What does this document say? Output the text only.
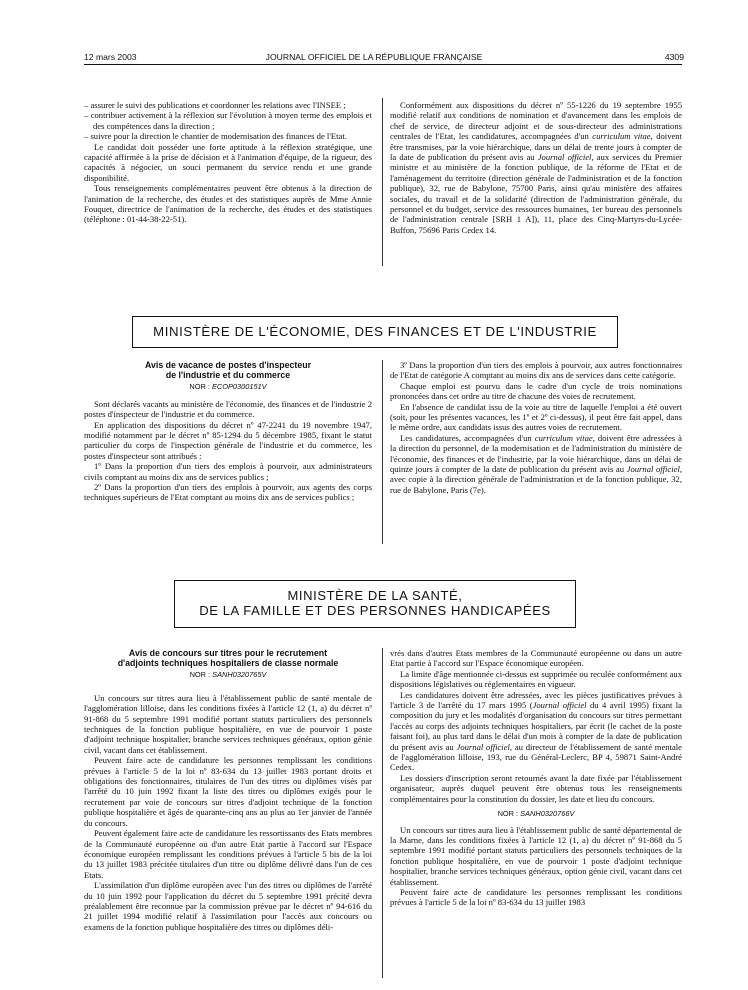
12 mars 2003	JOURNAL OFFICIEL DE LA RÉPUBLIQUE FRANÇAISE	4309

– assurer le suivi des publications et coordonner les relations avec l'INSEE ;

– contribuer activement à la réflexion sur l'évolution à moyen terme des emplois et des compétences dans la direction ;

– suivre pour la direction le chantier de modernisation des finances de l'Etat.

Le candidat doit posséder une forte aptitude à la réflexion stratégique, une capacité affirmée à la prise de décision et à l'animation d'équipe, de la rigueur, des capacités à négocier, un souci permanent du service rendu et une grande disponibilité.

Tous renseignements complémentaires peuvent être obtenus à la direction de l'animation de la recherche, des études et des statistiques auprès de Mme Annie Fouquet, directrice de l'animation de la recherche, des études et des statistiques (téléphone : 01-44-38-22-51).

Conformément aux dispositions du décret nº 55-1226 du 19 septembre 1955 modifié relatif aux conditions de nomination et d'avancement dans les emplois de chef de service, de directeur adjoint et de sous-directeur des administrations centrales de l'Etat, les candidatures, accompagnées d'un curriculum vitae, doivent être transmises, par la voie hiérarchique, dans un délai de trente jours à compter de la date de publication du présent avis au Journal officiel, aux services du Premier ministre et au ministère de la fonction publique, de la réforme de l'Etat et de l'aménagement du territoire (direction générale de l'administration et de la fonction publique), 32, rue de Babylone, 75700 Paris, ainsi qu'au ministère des affaires sociales, du travail et de la solidarité (direction de l'administration générale, du personnel et du budget, service des ressources humaines, 1er bureau des personnels de l'administration centrale [SRH 1 A]), 11, place des Cinq-Martyrs-du-Lycée-Buffon, 75696 Paris Cedex 14.

MINISTÈRE DE L'ÉCONOMIE, DES FINANCES ET DE L'INDUSTRIE

Avis de vacance de postes d'inspecteur

de l'industrie et du commerce

NOR : ECOP0300151V

Sont déclarés vacants au ministère de l'économie, des finances et de l'industrie 2 postes d'inspecteur de l'industrie et du commerce.

En application des dispositions du décret nº 47-2241 du 19 novembre 1947, modifié notamment par le décret nº 85-1294 du 5 décembre 1985, fixant le statut particulier du corps de l'inspection générale de l'industrie et du commerce, les postes d'inspecteur sont attribués :

1º Dans la proportion d'un tiers des emplois à pourvoir, aux administrateurs civils comptant au moins dix ans de services publics ;

2º Dans la proportion d'un tiers des emplois à pourvoir, aux agents des corps techniques supérieurs de l'Etat comptant au moins dix ans de services publics ;

3º Dans la proportion d'un tiers des emplois à pourvoir, aux autres fonctionnaires de l'Etat de catégorie A comptant au moins dix ans de services dans cette catégorie.

Chaque emploi est pourvu dans le cadre d'un cycle de trois nominations prononcées dans cet ordre au titre de chacune des voies de recrutement.

En l'absence de candidat issu de la voie au titre de laquelle l'emploi a été ouvert (soit, pour les présentes vacances, les 1º et 2º ci-dessus), il peut être fait appel, dans le même ordre, aux candidats issus des autres voies de recrutement.

Les candidatures, accompagnées d'un curriculum vitae, doivent être adressées à la direction du personnel, de la modernisation et de l'administration du ministère de l'économie, des finances et de l'industrie, par la voie hiérarchique, dans un délai de quinze jours à compter de la date de publication du présent avis au Journal officiel, avec copie à la direction générale de l'administration et de la fonction publique, 32, rue de Babylone, Paris (7e).

MINISTÈRE DE LA SANTÉ,
DE LA FAMILLE ET DES PERSONNES HANDICAPÉES

Avis de concours sur titres pour le recrutement

d'adjoints techniques hospitaliers de classe normale

NOR : SANH0320765V

Un concours sur titres aura lieu à l'établissement public de santé mentale de l'agglomération lilloise, dans les conditions fixées à l'article 12 (1, a) du décret nº 91-868 du 5 septembre 1991 modifié portant statuts particuliers des personnels techniques de la fonction publique hospitalière, en vue de pourvoir 1 poste d'adjoint technique hospitalier, branche services techniques généraux, option génie civil, vacant dans cet établissement.

Peuvent faire acte de candidature les personnes remplissant les conditions prévues à l'article 5 de la loi nº 83-634 du 13 juillet 1983 portant droits et obligations des fonctionnaires, titulaires de l'un des titres ou diplômes visés par l'arrêté du 10 juin 1992 fixant la liste des titres ou diplômes exigés pour le recrutement par voie de concours sur titres d'adjoint technique de la fonction publique hospitalière et âgés de quarante-cinq ans au plus au 1er janvier de l'année du concours.

Peuvent également faire acte de candidature les ressortissants des Etats membres de la Communauté européenne ou d'un autre Etat partie à l'accord sur l'Espace économique européen remplissant les conditions prévues à l'article 5 bis de la loi du 13 juillet 1983 précitée titulaires d'un titre ou diplôme délivré dans l'un de ces Etats.

L'assimilation d'un diplôme européen avec l'un des titres ou diplômes de l'arrêté du 10 juin 1992 pour l'application du décret du 5 septembre 1991 précité devra préalablement être reconnue par la commission prévue par le décret nº 94-616 du 21 juillet 1994 modifié relatif à l'assimilation pour l'accès aux concours ou examens de la fonction publique hospitalière des titres ou diplômes déli-

vrés dans d'autres Etats membres de la Communauté européenne ou dans un autre Etat partie à l'accord sur l'Espace économique européen.

La limite d'âge mentionnée ci-dessus est supprimée ou reculée conformément aux dispositions législatives ou réglementaires en vigueur.

Les candidatures doivent être adressées, avec les pièces justificatives prévues à l'article 3 de l'arrêté du 17 mars 1995 (Journal officiel du 4 avril 1995) fixant la composition du jury et les modalités d'organisation du concours sur titres permettant l'accès au corps des adjoints techniques hospitaliers, par écrit (le cachet de la poste faisant foi), au plus tard dans le délai d'un mois à compter de la date de publication du présent avis au Journal officiel, au directeur de l'établissement de santé mentale de l'agglomération lilloise, 193, rue du Général-Leclerc, BP 4, 59871 Saint-André Cedex.

Les dossiers d'inscription seront retournés avant la date fixée par l'établissement organisateur, auprès duquel peuvent être obtenus tous les renseignements complémentaires pour la constitution du dossier, les date et lieu du concours.

NOR : SANH0320766V

Un concours sur titres aura lieu à l'établissement public de santé départemental de la Marne, dans les conditions fixées à l'article 12 (1, a) du décret nº 91-868 du 5 septembre 1991 modifié portant statuts particuliers des personnels techniques de la fonction publique hospitalière, en vue de pourvoir 1 poste d'adjoint technique hospitalier, branche services techniques généraux, option génie civil, vacant dans cet établissement.

Peuvent faire acte de candidature les personnes remplissant les conditions prévues à l'article 5 de la loi nº 83-634 du 13 juillet 1983
